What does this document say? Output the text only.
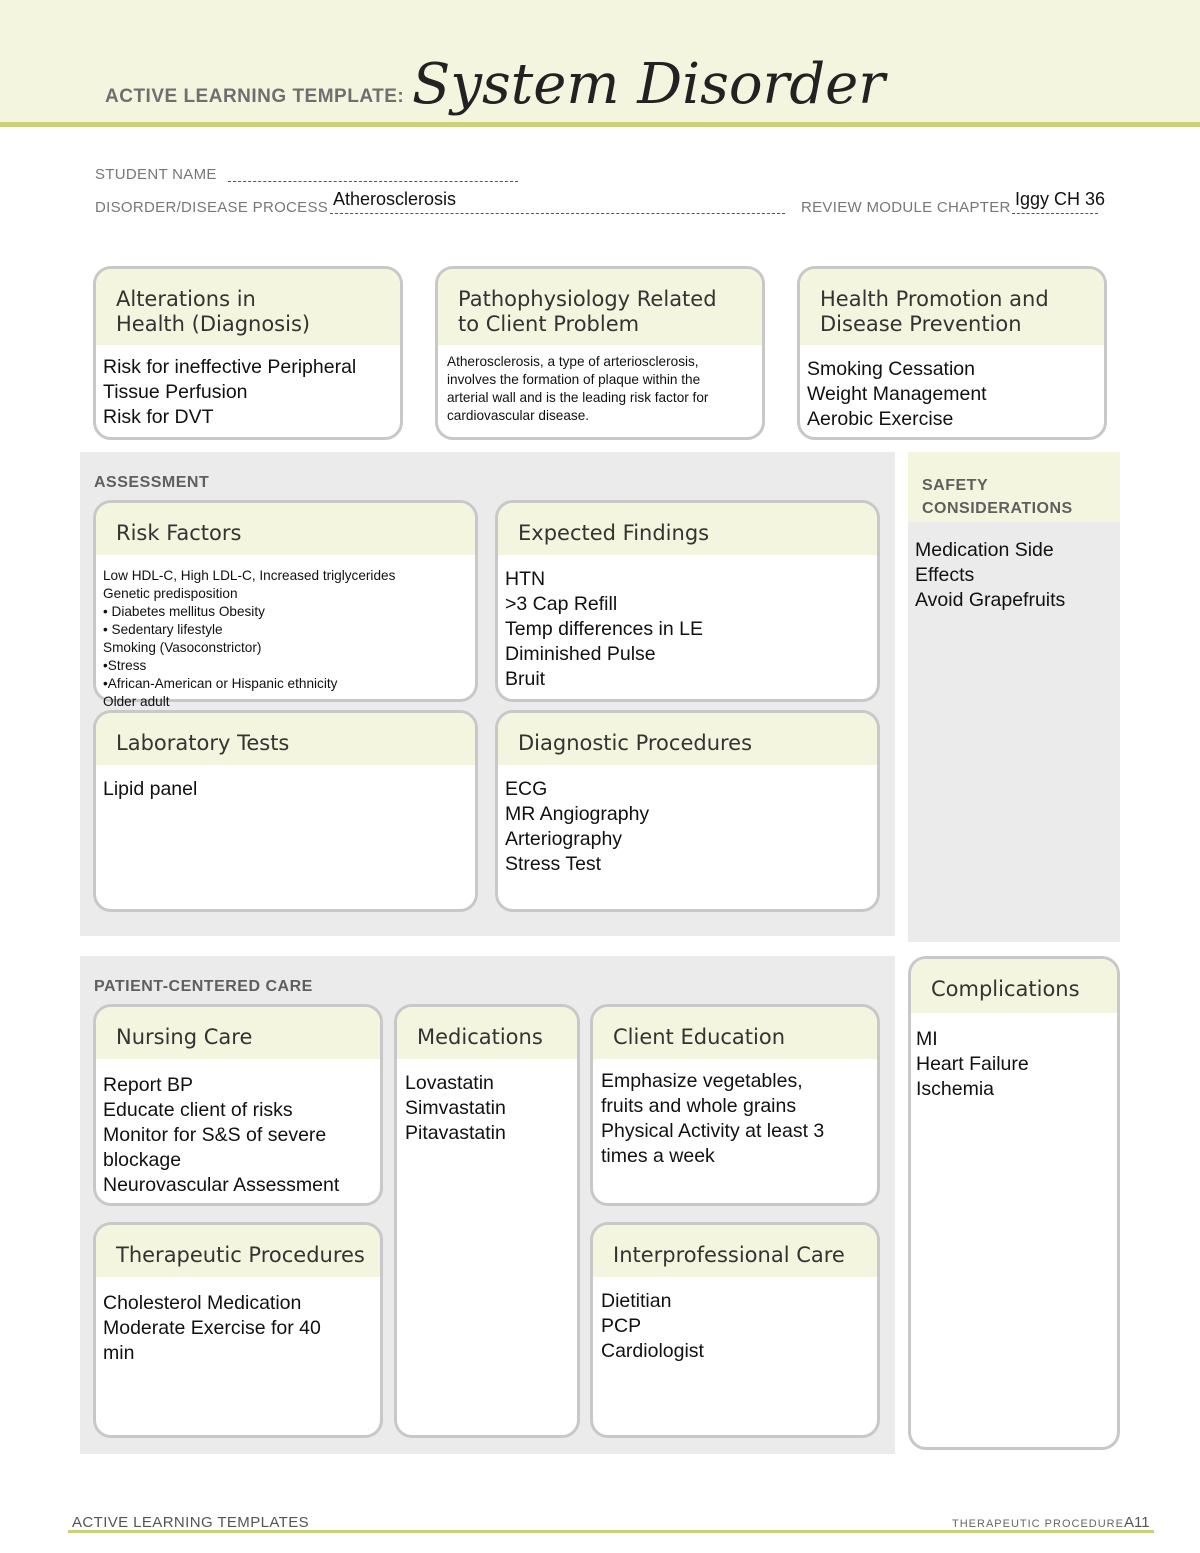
ACTIVE LEARNING TEMPLATE: System Disorder
STUDENT NAME
DISORDER/DISEASE PROCESS Atherosclerosis	REVIEW MODULE CHAPTER Iggy CH 36
Alterations in
Health (Diagnosis)
Risk for ineffective Peripheral
Tissue Perfusion
Risk for DVT
Pathophysiology Related
to Client Problem
Atherosclerosis, a type of arteriosclerosis,
involves the formation of plaque within the
arterial wall and is the leading risk factor for
cardiovascular disease.
Health Promotion and
Disease Prevention
Smoking Cessation
Weight Management
Aerobic Exercise
ASSESSMENT
Risk Factors
Low HDL-C, High LDL-C, Increased triglycerides
Genetic predisposition
• Diabetes mellitus Obesity
• Sedentary lifestyle
Smoking (Vasoconstrictor)
•Stress
•African-American or Hispanic ethnicity
Older adult
Expected Findings
HTN
>3 Cap Refill
Temp differences in LE
Diminished Pulse
Bruit
Laboratory Tests
Lipid panel
Diagnostic Procedures
ECG
MR Angiography
Arteriography
Stress Test
SAFETY
CONSIDERATIONS
Medication Side
Effects
Avoid Grapefruits
PATIENT-CENTERED CARE
Nursing Care
Report BP
Educate client of risks
Monitor for S&S of severe
blockage
Neurovascular Assessment
Medications
Lovastatin
Simvastatin
Pitavastatin
Client Education
Emphasize vegetables,
fruits and whole grains
Physical Activity at least 3
times a week
Therapeutic Procedures
Cholesterol Medication
Moderate Exercise for 40
min
Interprofessional Care
Dietitian
PCP
Cardiologist
Complications
MI
Heart Failure
Ischemia
ACTIVE LEARNING TEMPLATES	THERAPEUTIC PROCEDURE A11
